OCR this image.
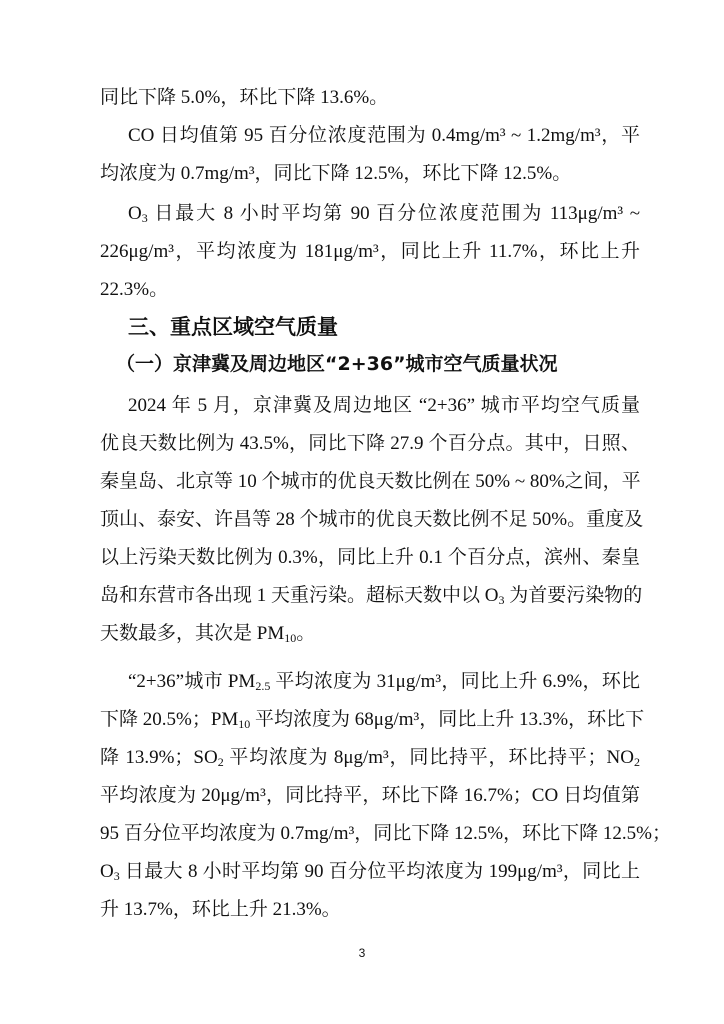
同比下降 5.0%，环比下降 13.6%。
CO 日均值第 95 百分位浓度范围为 0.4mg/m³ ~ 1.2mg/m³，平
均浓度为 0.7mg/m³，同比下降 12.5%，环比下降 12.5%。
$O_3$ 日最大 8 小时平均第 90 百分位浓度范围为 113μg/m³ ~
226μg/m³，平均浓度为 181μg/m³，同比上升 11.7%，环比上升
22.3%。
三、重点区域空气质量
（一）京津冀及周边地区“2+36”城市空气质量状况
2024 年 5 月，京津冀及周边地区 “2+36” 城市平均空气质量
优良天数比例为 43.5%，同比下降 27.9 个百分点。其中，日照、
秦皇岛、北京等 10 个城市的优良天数比例在 50% ~ 80%之间，平
顶山、泰安、许昌等 28 个城市的优良天数比例不足 50%。重度及
以上污染天数比例为 0.3%，同比上升 0.1 个百分点，滨州、秦皇
岛和东营市各出现 1 天重污染。超标天数中以 $O_3$ 为首要污染物的
天数最多，其次是 $PM_{10}$。
“2+36”城市 $PM_{2.5}$ 平均浓度为 31μg/m³，同比上升 6.9%，环比
下降 20.5%；$PM_{10}$ 平均浓度为 68μg/m³，同比上升 13.3%，环比下
降 13.9%；$SO_2$ 平均浓度为 8μg/m³，同比持平，环比持平；$NO_2$
平均浓度为 20μg/m³，同比持平，环比下降 16.7%；CO 日均值第
95 百分位平均浓度为 0.7mg/m³，同比下降 12.5%，环比下降 12.5%；
$O_3$ 日最大 8 小时平均第 90 百分位平均浓度为 199μg/m³，同比上
升 13.7%，环比上升 21.3%。
3
